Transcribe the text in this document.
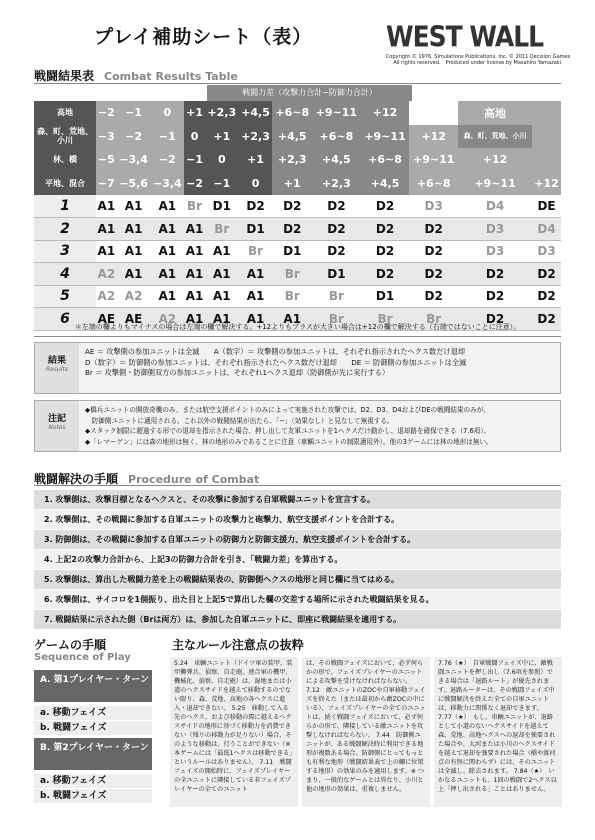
プレイ補助シート（表）	WEST WALL
Copyright © 1976, Simulations Publications, Inc. © 2011 Decision Games
All rights reserved.　Produced under license by Masahiro Yamazaki.
戦闘結果表 Combat Results Table
戦闘力差（攻撃力合計−防御力合計）
高地	−2	−1	0	+1	+2,3	+4,5	+6~8	+9~11	+12		高地	
森、町、荒地、小川	−3	−2	−1	0	+1	+2,3	+4,5	+6~8	+9~11	+12	森、町、荒地、小川	
林、橋	−5	−3,4	−2	−1	0	+1	+2,3	+4,5	+6~8	+9~11	+12	
平地、混合	−7	−5,6	−3,4	−2	−1	0	+1	+2,3	+4,5	+6~8	+9~11	+12
1	A1	A1	A1	Br	D1	D2	D2	D2	D2	D3	D4	DE
2	A1	A1	A1	A1	Br	D1	D2	D2	D2	D2	D3	D4
3	A1	A1	A1	A1	A1	Br	D1	D2	D2	D2	D3	D3
4	A2	A1	A1	A1	A1	A1	Br	D1	D2	D2	D2	D2
5	A2	A2	A1	A1	A1	A1	Br	Br	D1	D2	D2	D2
6	AE	AE	A2	A1	A1	A1	A1	Br	Br	Br	D2	D2
＊左端の欄よりもマイナスの場合は左端の欄で解決する。+12よりもプラスが大きい場合は+12の欄で解決する（右端ではないことに注意）。
結果
Results
AE ＝ 攻撃側の参加ユニットは全滅　　A（数字）＝ 攻撃側の参加ユニットは、それぞれ指示されたヘクス数だけ退却
D（数字）＝ 防御側の参加ユニットは、それぞれ指示されたヘクス数だけ退却　　DE ＝ 防御側の参加ユニットは全滅
Br ＝ 攻撃側・防御側双方の参加ユニットは、それぞれ1ヘクス退却（防御側が先に実行する）
注記
Notes
◆橋兵ユニットの開放奇襲のみ、または航空支援ポイントのみによって実施された攻撃では、D2、D3、D4およびDEの戦闘結果のみが、
　防御側ユニットに適用される。これ以外の戦闘結果が出たら、「−」（効果なし）と見なして無視する。
◆スタック制限に超過する形での退却を指示された場合、押し出して友軍ユニットを1ヘクスだけ動かし、退却路を確保できる（7.6項）。
◆「レマーゲン」には森の地形は無く、林の地形のみであることに注意（車輌ユニットの制限適用外）。他の3ゲームには林の地形は無い。
戦闘解決の手順 Procedure of Combat
1. 攻撃側は、攻撃目標となるヘクスと、その攻撃に参加する自軍戦闘ユニットを宣言する。
2. 攻撃側は、その戦闘に参加する自軍ユニットの攻撃力と砲撃力、航空支援ポイントを合計する。
3. 防御側は、その戦闘に参加する自軍ユニットの防御力と防御支援力、航空支援ポイントを合計する。
4. 上記2の攻撃力合計から、上記3の防御力合計を引き、「戦闘力差」を算出する。
5. 攻撃側は、算出した戦闘力差を上の戦闘結果表の、防御側ヘクスの地形と同じ欄に当てはめる。
6. 攻撃側は、サイコロを1個振り、出た目と上記5で算出した欄の交差する場所に示された戦闘結果を見る。
7. 戦闘結果に示された側（Brは両方）は、参加した自軍ユニットに、即座に戦闘結果を適用する。
ゲームの手順
Sequence of Play
A. 第1プレイヤー・ターン
a. 移動フェイズ
b. 戦闘フェイズ
B. 第2プレイヤー・ターン
a. 移動フェイズ
b. 戦闘フェイズ
主なルール注意点の抜粋
5.24　車輌ユニット（ドイツ軍の装甲、装甲擲弾兵、偵察、自走砲、連合軍の機甲、機械化、偵察、自走砲）は、湿地または小道のヘクスサイドを越えて移動するのでない限り、森、荒地、高地の各ヘクスに進入・退却できない。 5.25　移動して入る先のヘクス、および移動の際に越えるヘクスサイドの地形に基づく移動力を消費できない（残りの移動力が足りない）場合、そのような移動は、行うことができない（※ 本ゲームには「最低1ヘクスは移動できる」というルールはありません）。 7.11　戦闘フェイズの開始時に、フェイズプレイヤーの全ユニットに隣接している非フェイズプレイヤーの全てのユニット
は、その戦闘フェイズにおいて、必ず何らかの形で、フェイズプレイヤーのユニットによる攻撃を受けなければならない。 7.12　敵ユニットのZOCや自軍移動フェイズを終えた（または最初から敵ZOCの中にいる）、フェイズプレイヤーの全てのユニットは、続く戦闘フェイズにおいて、必ず何らかの形で、隣接している敵ユニットを攻撃しなければならない。 7.44　防御側ユニットが、ある戦闘解決時に利用できる地形が複数ある場合、防御側にとってもっとも有利な地形（戦闘結果表で上の欄に位置する地形）の効果のみを適用します。※ つまり、一般的なゲームとは異なり、小川と他の地形の効果は、重複しません。
7.76（★）　自軍戦闘フェイズ中に、敵戦闘ユニットを押し出し（7.6項を参照）できる場合は「退路ルート」が優先されます。退路ルーターは、その戦闘フェイズ中に戦闘解決を終えた全ての自軍ユニットは、移動力に関係なく退却できます。 7.77（★）　もし、車輌ユニットが、退路として小道のないヘクスサイドを越えて森、荒地、高地へクスへの退却を強要された場合や、大河または小川のヘクスサイドを越えて退却を強要された場合（橋や渡河点の有無に関わらず）には、そのユニットは全滅し、除去されます。 7.84（★）　いかなるユニットも、1回の戦闘で2ヘクス以上「押し出される」ことはありません。
